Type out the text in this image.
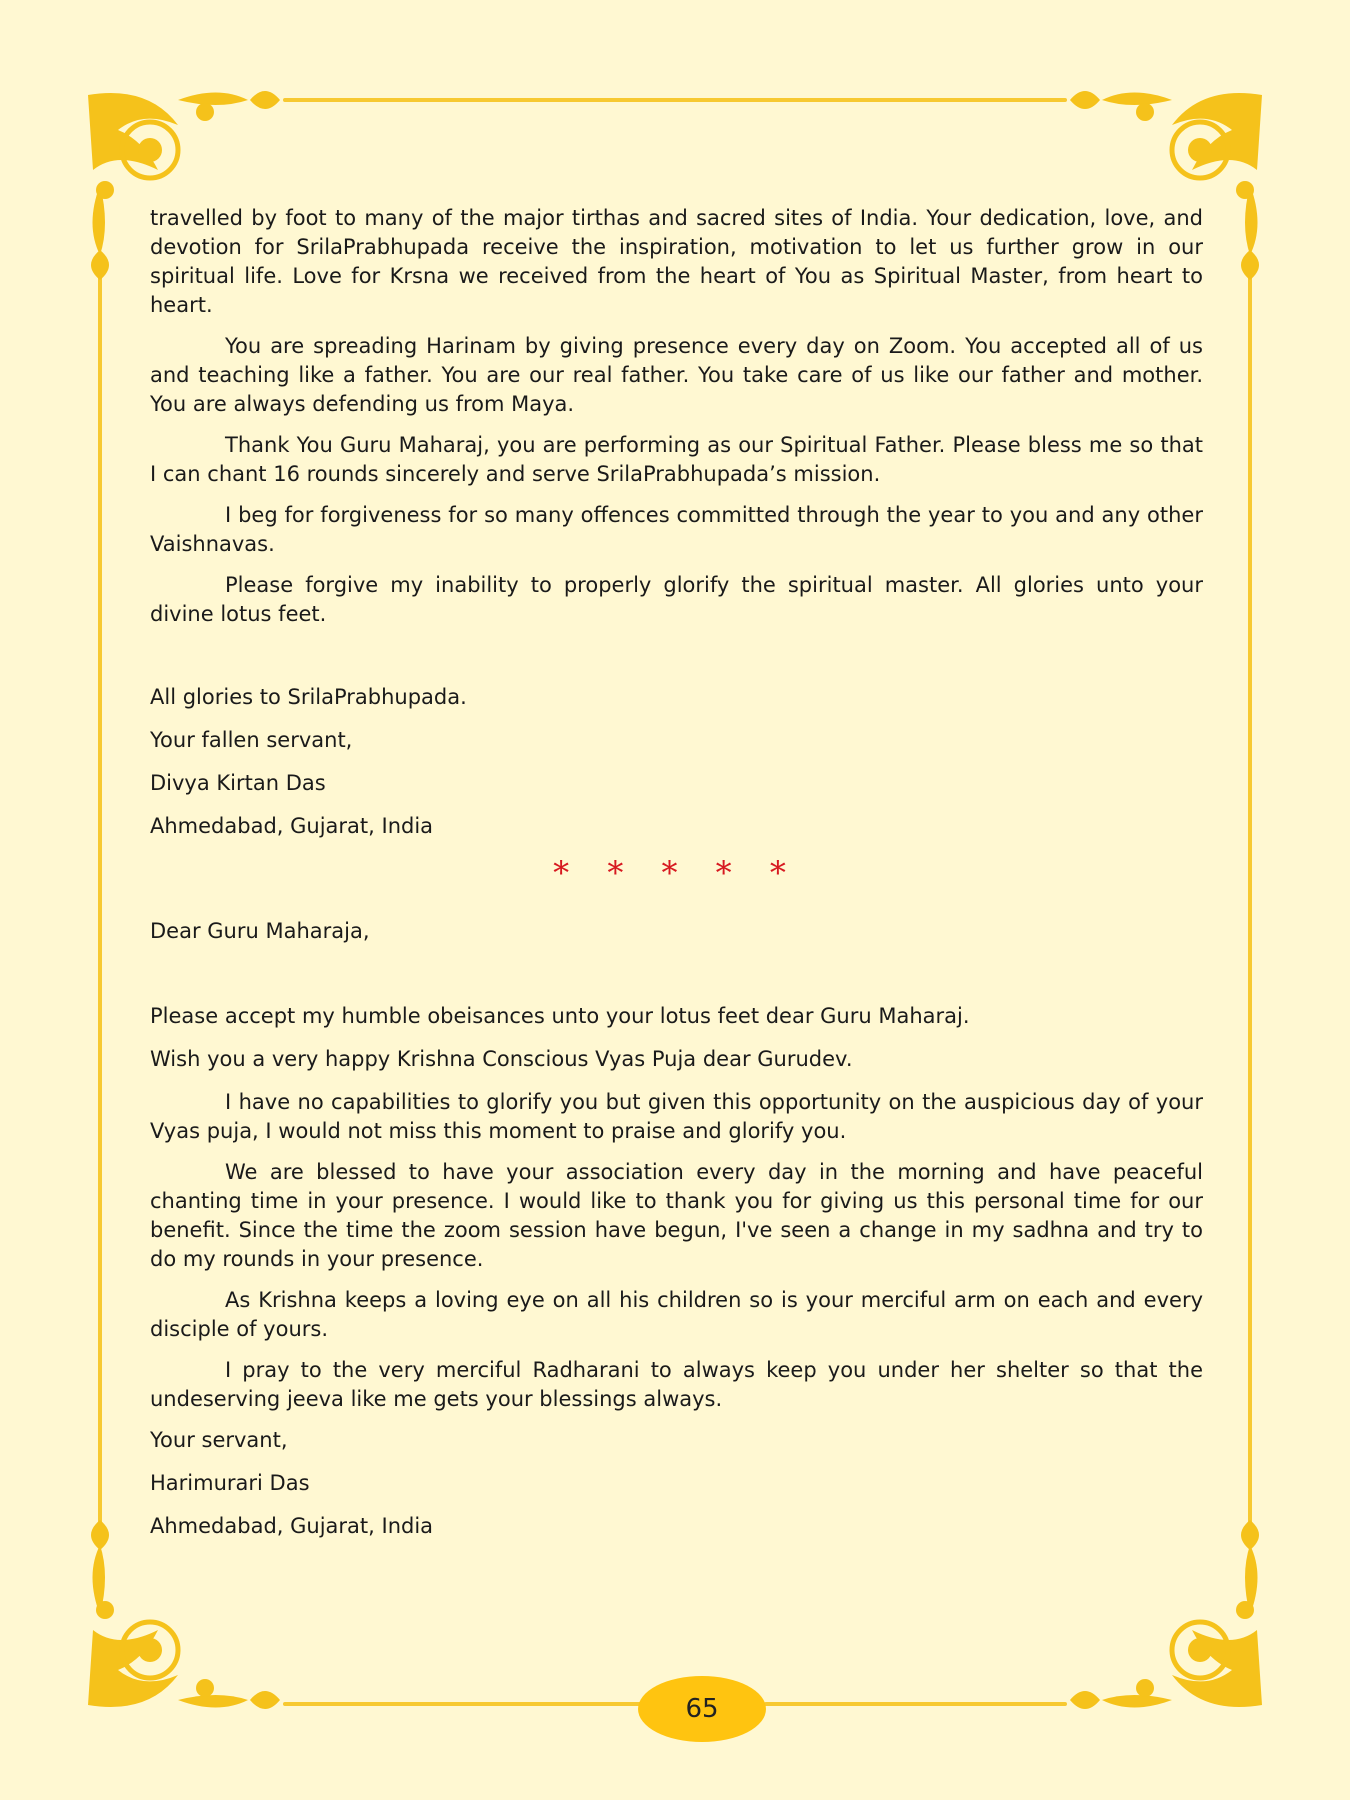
travelled by foot to many of the major tirthas and sacred sites of India. Your dedication, love, and devotion for SrilaPrabhupada receive the inspiration, motivation to let us further grow in our spiritual life. Love for Krsna we received from the heart of You as Spiritual Master, from heart to heart.

You are spreading Harinam by giving presence every day on Zoom. You accepted all of us and teaching like a father. You are our real father. You take care of us like our father and mother. You are always defending us from Maya.

Thank You Guru Maharaj, you are performing as our Spiritual Father. Please bless me so that I can chant 16 rounds sincerely and serve SrilaPrabhupada’s mission.

I beg for forgiveness for so many offences committed through the year to you and any other Vaishnavas.

Please forgive my inability to properly glorify the spiritual master. All glories unto your divine lotus feet.

All glories to SrilaPrabhupada.

Your fallen servant,

Divya Kirtan Das

Ahmedabad, Gujarat, India

* * * * *

Dear Guru Maharaja,

Please accept my humble obeisances unto your lotus feet dear Guru Maharaj.

Wish you a very happy Krishna Conscious Vyas Puja dear Gurudev.

I have no capabilities to glorify you but given this opportunity on the auspicious day of your Vyas puja, I would not miss this moment to praise and glorify you.

We are blessed to have your association every day in the morning and have peaceful chanting time in your presence. I would like to thank you for giving us this personal time for our benefit. Since the time the zoom session have begun, I've seen a change in my sadhna and try to do my rounds in your presence.

As Krishna keeps a loving eye on all his children so is your merciful arm on each and every disciple of yours.

I pray to the very merciful Radharani to always keep you under her shelter so that the undeserving jeeva like me gets your blessings always.

Your servant,

Harimurari Das

Ahmedabad, Gujarat, India

65
